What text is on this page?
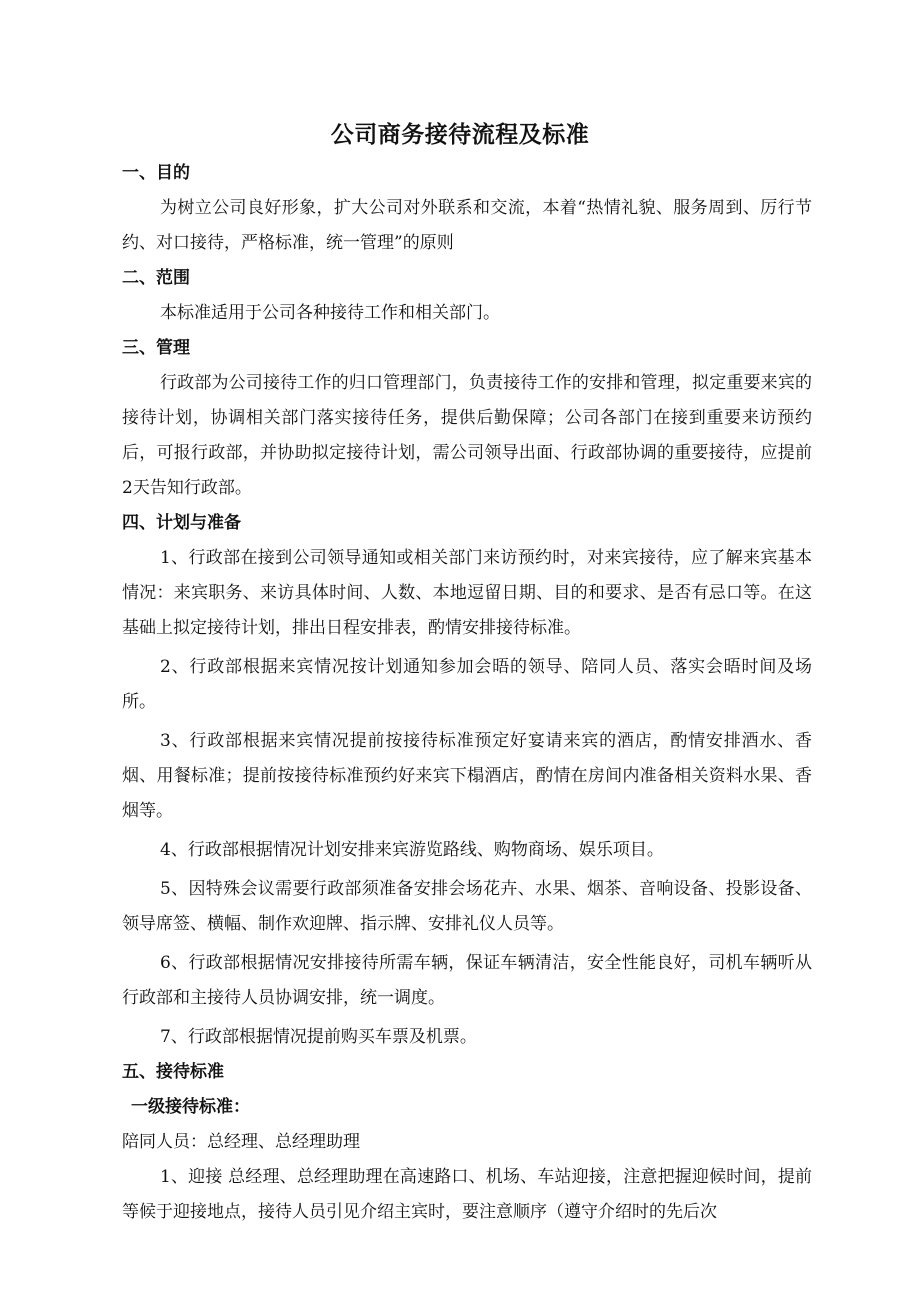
公司商务接待流程及标准
一、目的

为树立公司良好形象，扩大公司对外联系和交流，本着“热情礼貌、服务周到、厉行节约、对口接待，严格标准，统一管理”的原则

二、范围

本标准适用于公司各种接待工作和相关部门。

三、管理

行政部为公司接待工作的归口管理部门，负责接待工作的安排和管理，拟定重要来宾的接待计划，协调相关部门落实接待任务，提供后勤保障；公司各部门在接到重要来访预约后，可报行政部，并协助拟定接待计划，需公司领导出面、行政部协调的重要接待，应提前2天告知行政部。

四、计划与准备

1、行政部在接到公司领导通知或相关部门来访预约时，对来宾接待，应了解来宾基本情况：来宾职务、来访具体时间、人数、本地逗留日期、目的和要求、是否有忌口等。在这基础上拟定接待计划，排出日程安排表，酌情安排接待标准。

2、行政部根据来宾情况按计划通知参加会晤的领导、陪同人员、落实会晤时间及场所。

3、行政部根据来宾情况提前按接待标准预定好宴请来宾的酒店，酌情安排酒水、香烟、用餐标准；提前按接待标准预约好来宾下榻酒店，酌情在房间内准备相关资料水果、香烟等。

4、行政部根据情况计划安排来宾游览路线、购物商场、娱乐项目。

5、因特殊会议需要行政部须准备安排会场花卉、水果、烟茶、音响设备、投影设备、领导席签、横幅、制作欢迎牌、指示牌、安排礼仪人员等。

6、行政部根据情况安排接待所需车辆，保证车辆清洁，安全性能良好，司机车辆听从行政部和主接待人员协调安排，统一调度。

7、行政部根据情况提前购买车票及机票。

五、接待标准
一级接待标准：

陪同人员：总经理、总经理助理

1、迎接 总经理、总经理助理在高速路口、机场、车站迎接，注意把握迎候时间，提前等候于迎接地点，接待人员引见介绍主宾时，要注意顺序（遵守介绍时的先后次
